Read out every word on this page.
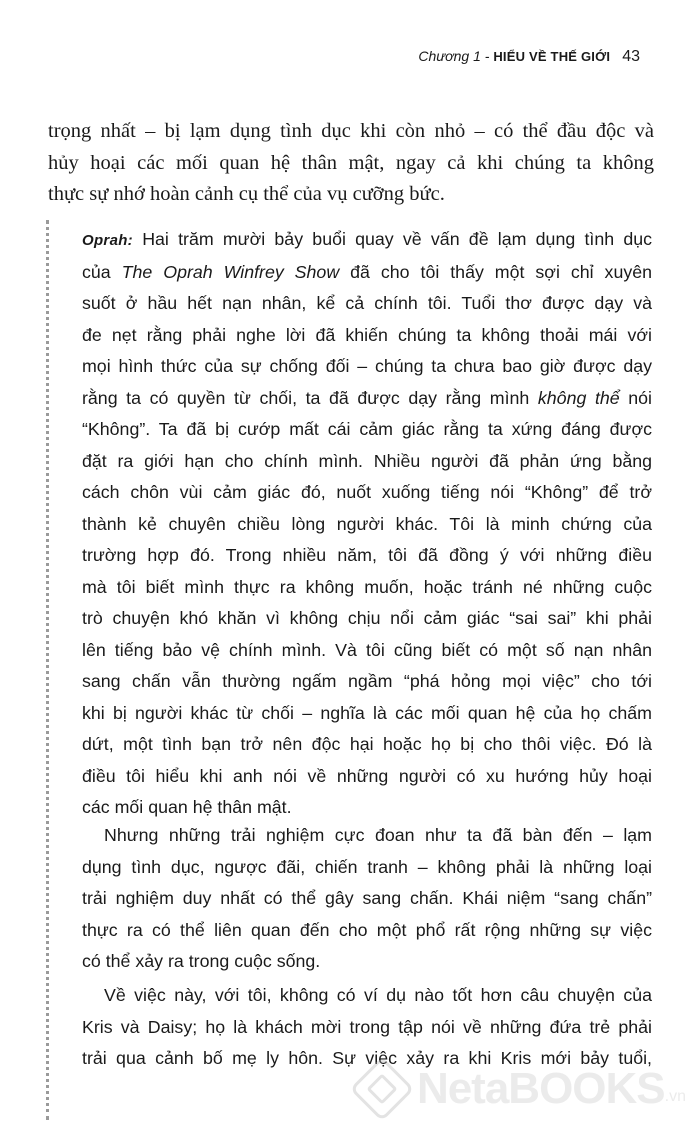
Chương 1 - HIỂU VỀ THẾ GIỚI 43
trọng nhất – bị lạm dụng tình dục khi còn nhỏ – có thể đầu độc và
hủy hoại các mối quan hệ thân mật, ngay cả khi chúng ta không
thực sự nhớ hoàn cảnh cụ thể của vụ cưỡng bức.
Oprah: Hai trăm mười bảy buổi quay về vấn đề lạm dụng tình dục
của The Oprah Winfrey Show đã cho tôi thấy một sợi chỉ xuyên
suốt ở hầu hết nạn nhân, kể cả chính tôi. Tuổi thơ được dạy và
đe nẹt rằng phải nghe lời đã khiến chúng ta không thoải mái với
mọi hình thức của sự chống đối – chúng ta chưa bao giờ được dạy
rằng ta có quyền từ chối, ta đã được dạy rằng mình không thể nói
“Không”. Ta đã bị cướp mất cái cảm giác rằng ta xứng đáng được
đặt ra giới hạn cho chính mình. Nhiều người đã phản ứng bằng
cách chôn vùi cảm giác đó, nuốt xuống tiếng nói “Không” để trở
thành kẻ chuyên chiều lòng người khác. Tôi là minh chứng của
trường hợp đó. Trong nhiều năm, tôi đã đồng ý với những điều
mà tôi biết mình thực ra không muốn, hoặc tránh né những cuộc
trò chuyện khó khăn vì không chịu nổi cảm giác “sai sai” khi phải
lên tiếng bảo vệ chính mình. Và tôi cũng biết có một số nạn nhân
sang chấn vẫn thường ngấm ngầm “phá hỏng mọi việc” cho tới
khi bị người khác từ chối – nghĩa là các mối quan hệ của họ chấm
dứt, một tình bạn trở nên độc hại hoặc họ bị cho thôi việc. Đó là
điều tôi hiểu khi anh nói về những người có xu hướng hủy hoại
các mối quan hệ thân mật.
Nhưng những trải nghiệm cực đoan như ta đã bàn đến – lạm
dụng tình dục, ngược đãi, chiến tranh – không phải là những loại
trải nghiệm duy nhất có thể gây sang chấn. Khái niệm “sang chấn”
thực ra có thể liên quan đến cho một phổ rất rộng những sự việc
có thể xảy ra trong cuộc sống.
Về việc này, với tôi, không có ví dụ nào tốt hơn câu chuyện của
Kris và Daisy; họ là khách mời trong tập nói về những đứa trẻ phải
trải qua cảnh bố mẹ ly hôn. Sự việc xảy ra khi Kris mới bảy tuổi,
NetaBOOKS .vn
